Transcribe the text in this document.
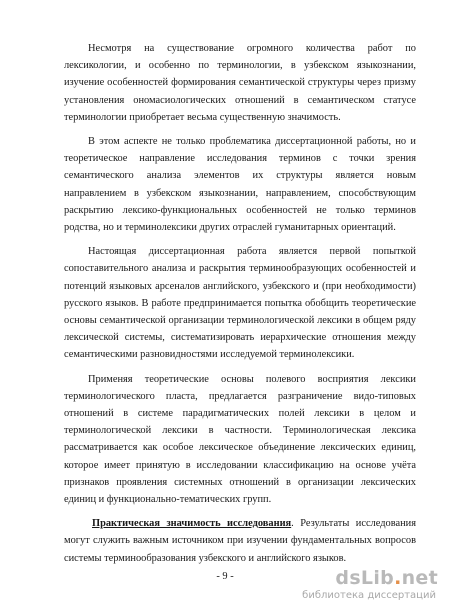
Несмотря на существование огромного количества работ по лексикологии, и особенно по терминологии, в узбекском языкознании, изучение особенностей формирования семантической структуры через призму установления ономасиологических отношений в семантическом статусе терминологии приобретает весьма существенную значимость.

В этом аспекте не только проблематика диссертационной работы, но и теоретическое направление исследования терминов с точки зрения семантического анализа элементов их структуры является новым направлением в узбекском языкознании, направлением, способствующим раскрытию лексико-функциональных особенностей не только терминов родства, но и терминолексики других отраслей гуманитарных ориентаций.

Настоящая диссертационная работа является первой попыткой сопоставительного анализа и раскрытия терминообразующих особенностей и потенций языковых арсеналов английского, узбекского и (при необходимости) русского языков. В работе предпринимается попытка обобщить теоретические основы семантической организации терминологической лексики в общем ряду лексической системы, систематизировать иерархические отношения между семантическими разновидностями исследуемой терминолексики.

Применяя теоретические основы полевого восприятия лексики терминологического пласта, предлагается разграничение видо-типовых отношений в системе парадигматических полей лексики в целом и терминологической лексики в частности. Терминологическая лексика рассматривается как особое лексическое объединение лексических единиц, которое имеет принятую в исследовании классификацию на основе учёта признаков проявления системных отношений в организации лексических единиц и функционально-тематических групп.

Практическая значимость исследования. Результаты исследования могут служить важным источником при изучении фундаментальных вопросов системы терминообразования узбекского и английского языков.

- 9 -	dsLib.net
библиотека диссертаций
